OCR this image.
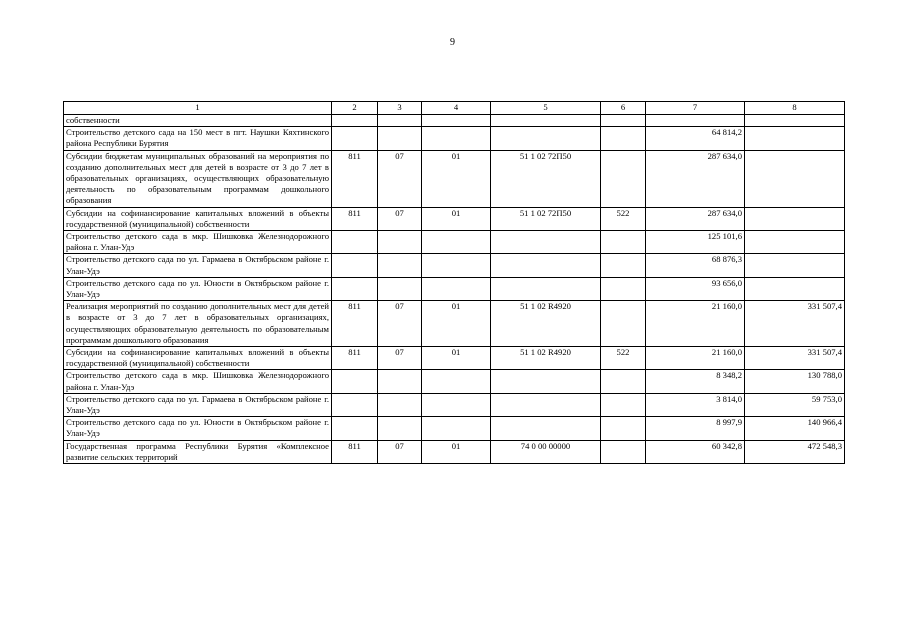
9
1	2	3	4	5	6	7	8
собственности							
Строительство детского сада на 150 мест в пгт. Наушки Кяхтинского района Республики Бурятия						64 814,2	
Субсидии бюджетам муниципальных образований на мероприятия по созданию дополнительных мест для детей в возрасте от 3 до 7 лет в образовательных организациях, осуществляющих образовательную деятельность по образовательным программам дошкольного образования	811	07	01	51 1 02 72П50		287 634,0	
Субсидии на софинансирование капитальных вложений в объекты государственной (муниципальной) собственности	811	07	01	51 1 02 72П50	522	287 634,0	
Строительство детского сада в мкр. Шишковка Железнодорожного района г. Улан-Удэ						125 101,6	
Строительство детского сада по ул. Гармаева в Октябрьском районе г. Улан-Удэ						68 876,3	
Строительство детского сада по ул. Юности в Октябрьском районе г. Улан-Удэ						93 656,0	
Реализация мероприятий по созданию дополнительных мест для детей в возрасте от 3 до 7 лет в образовательных организациях, осуществляющих образовательную деятельность по образовательным программам дошкольного образования	811	07	01	51 1 02 R4920		21 160,0	331 507,4
Субсидии на софинансирование капитальных вложений в объекты государственной (муниципальной) собственности	811	07	01	51 1 02 R4920	522	21 160,0	331 507,4
Строительство детского сада в мкр. Шишковка Железнодорожного района г. Улан-Удэ						8 348,2	130 788,0
Строительство детского сада по ул. Гармаева в Октябрьском районе г. Улан-Удэ						3 814,0	59 753,0
Строительство детского сада по ул. Юности в Октябрьском районе г. Улан-Удэ						8 997,9	140 966,4
Государственная программа Республики Бурятия «Комплексное развитие сельских территорий	811	07	01	74 0 00 00000		60 342,8	472 548,3
